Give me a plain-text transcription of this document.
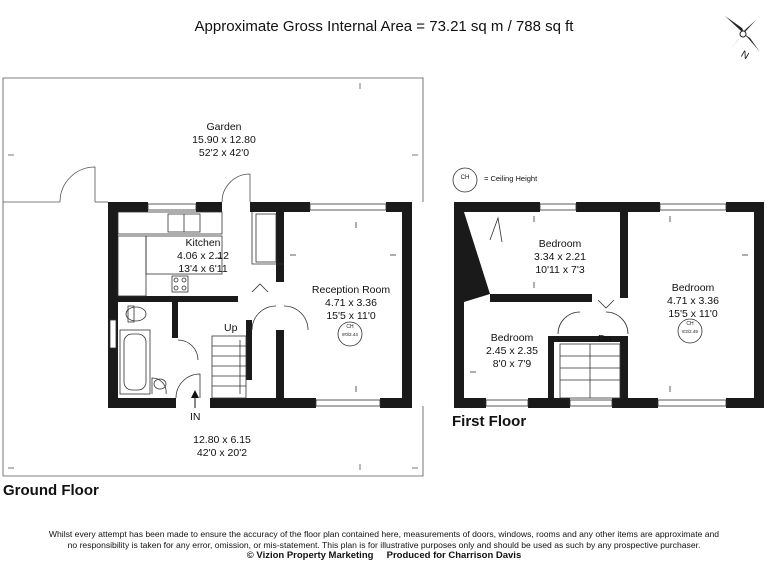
Approximate Gross Internal Area = 73.21 sq m / 788 sq ft
N
CH = Ceiling Height
Garden
15.90 x 12.80
52'2 x 42'0
Kitchen
4.06 x 2.12
13'4 x 6'11
Reception Room
4.71 x 3.36
15'5 x 11'0
CH
8'0/2.44
Up
IN
12.80 x 6.15
42'0 x 20'2
Ground Floor
Bedroom
3.34 x 2.21
10'11 x 7'3
Bedroom
4.71 x 3.36
15'5 x 11'0
CH
8'2/2.49
Bedroom
2.45 x 2.35
8'0 x 7'9
Dn
First Floor
Whilst every attempt has been made to ensure the accuracy of the floor plan contained here, measurements of doors, windows, rooms and any other items are approximate and
no responsibility is taken for any error, omission, or mis-statement. This plan is for illustrative purposes only and should be used as such by any prospective purchaser.
© Vizion Property Marketing     Produced for Charrison Davis
